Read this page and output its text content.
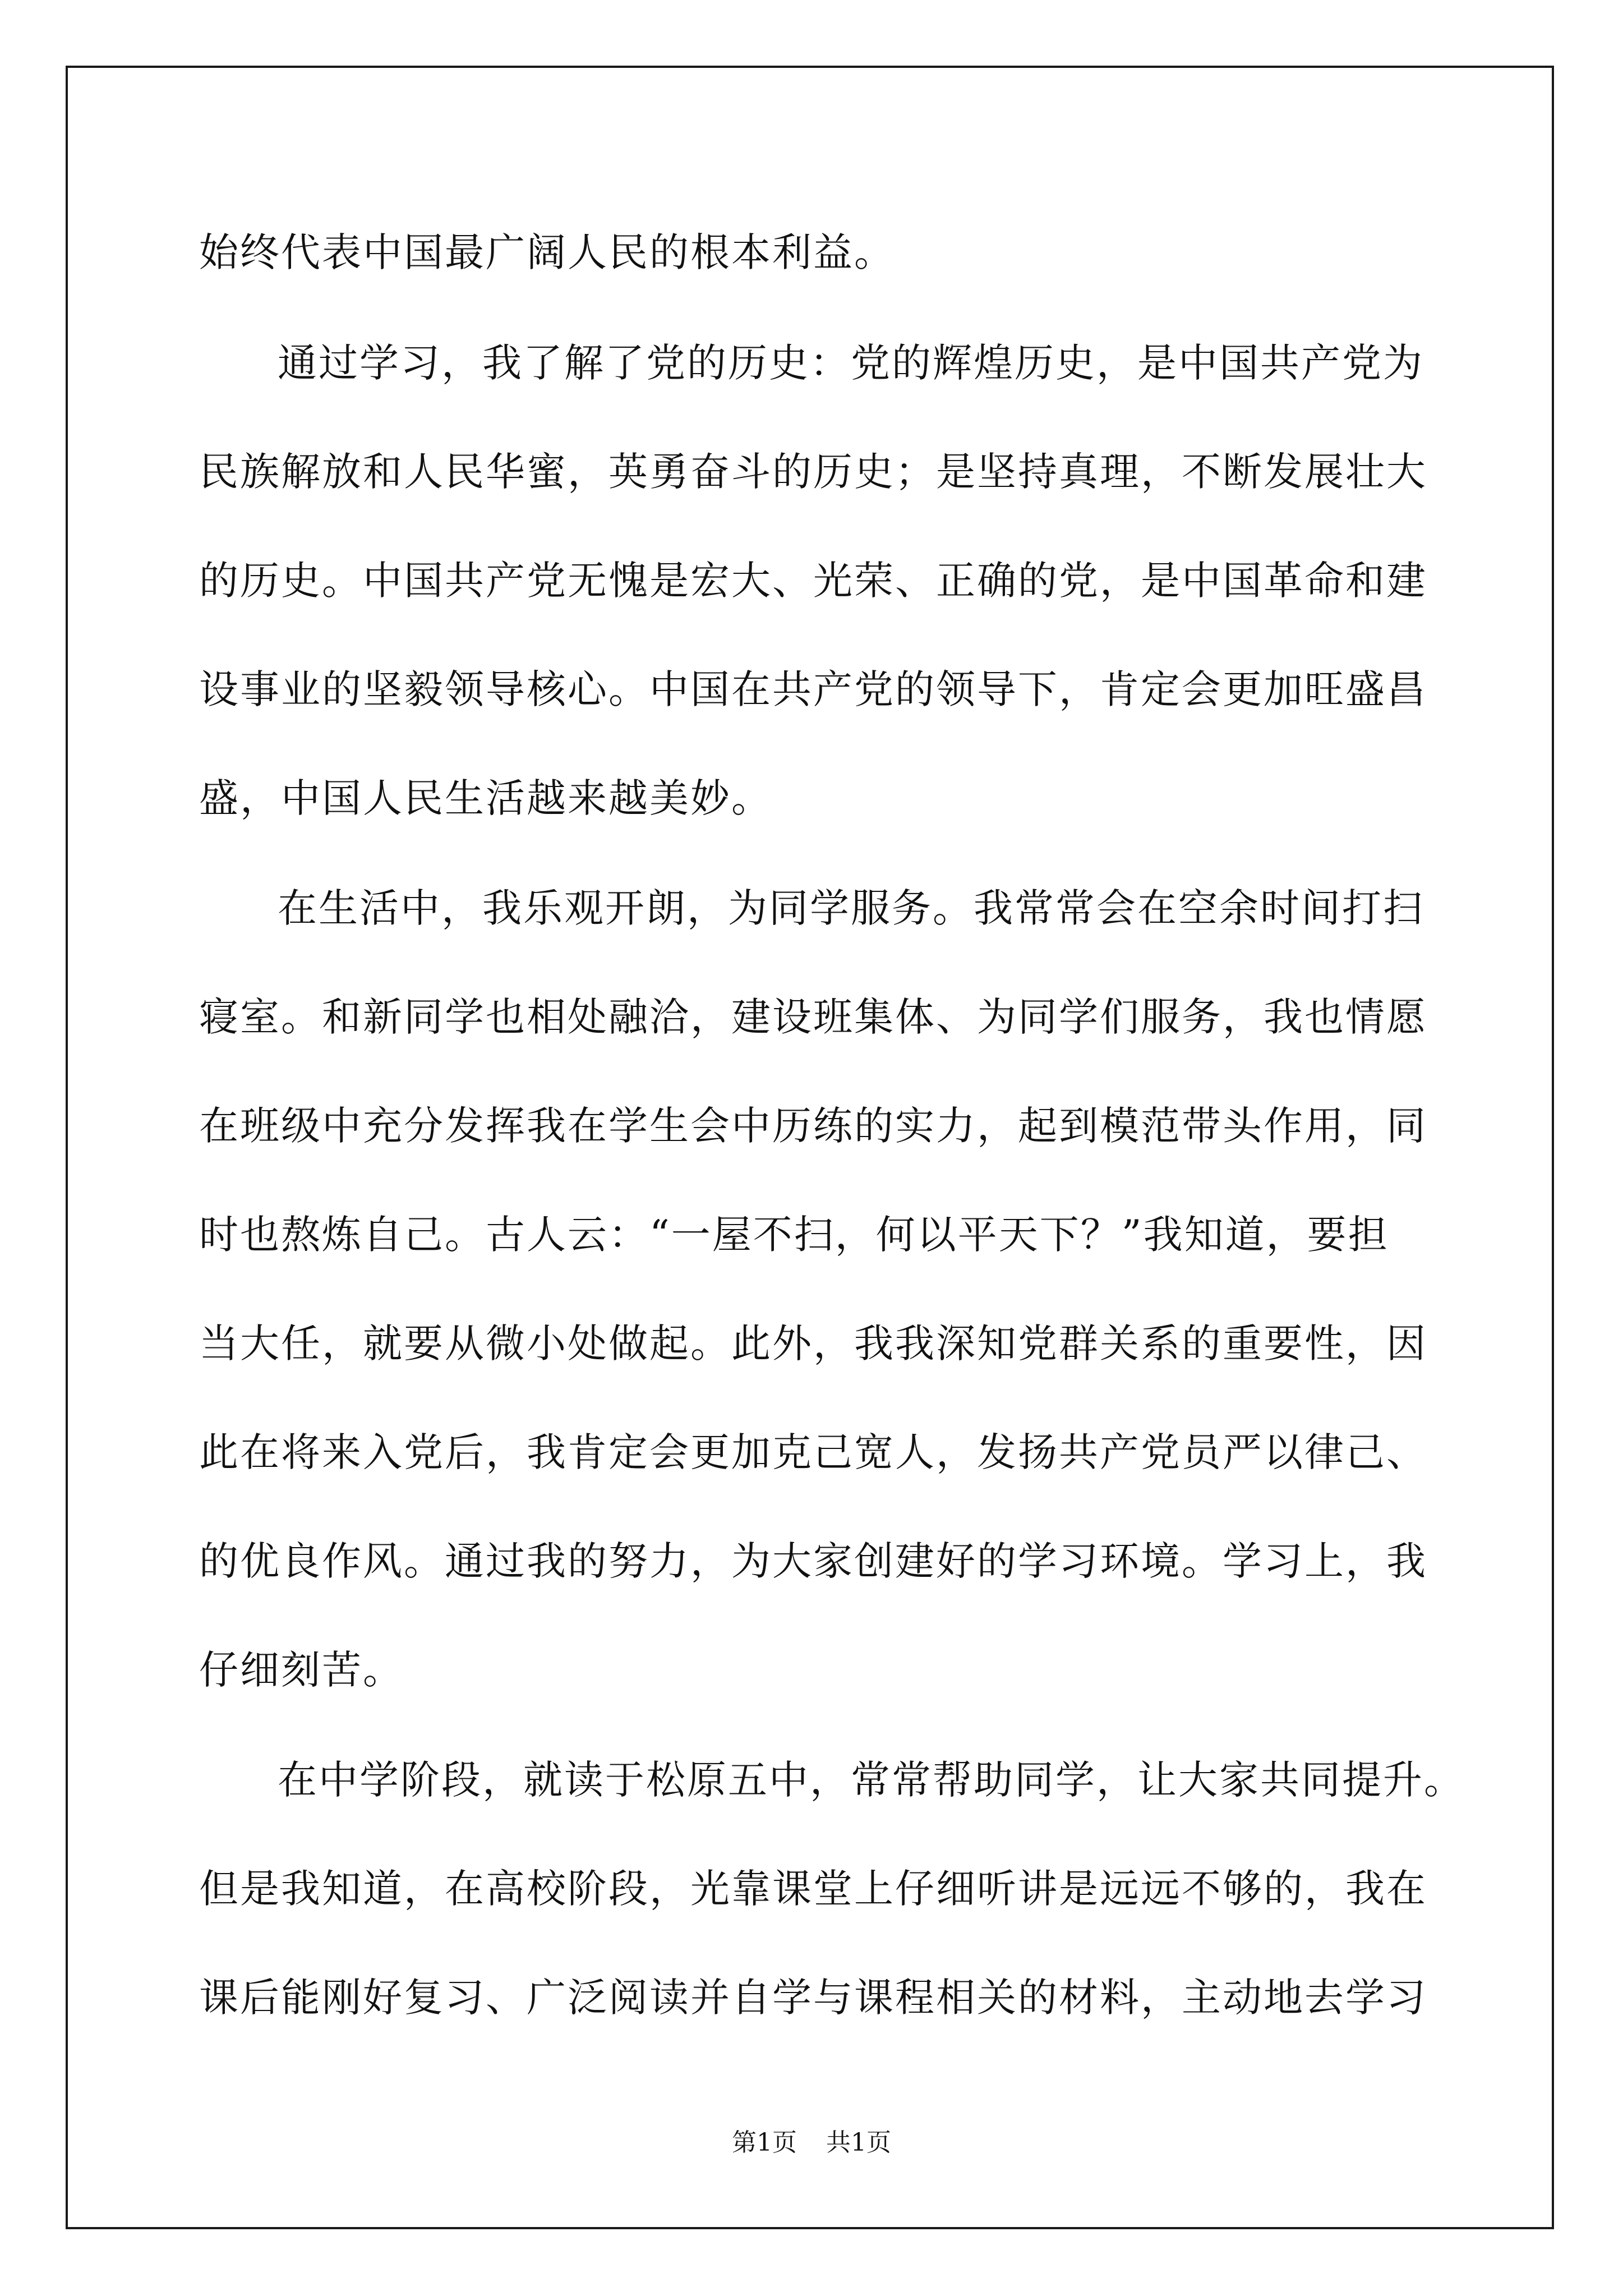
始终代表中国最广阔人民的根本利益。
通过学习，我了解了党的历史：党的辉煌历史，是中国共产党为
民族解放和人民华蜜，英勇奋斗的历史；是坚持真理，不断发展壮大
的历史。中国共产党无愧是宏大、光荣、正确的党，是中国革命和建
设事业的坚毅领导核心。中国在共产党的领导下，肯定会更加旺盛昌
盛，中国人民生活越来越美妙。
在生活中，我乐观开朗，为同学服务。我常常会在空余时间打扫
寝室。和新同学也相处融洽，建设班集体、为同学们服务，我也情愿
在班级中充分发挥我在学生会中历练的实力，起到模范带头作用，同
时也熬炼自己。古人云：“一屋不扫，何以平天下？”我知道，要担
当大任，就要从微小处做起。此外，我我深知党群关系的重要性，因
此在将来入党后，我肯定会更加克己宽人，发扬共产党员严以律己、
的优良作风。通过我的努力，为大家创建好的学习环境。学习上，我
仔细刻苦。
在中学阶段，就读于松原五中，常常帮助同学，让大家共同提升。
但是我知道，在高校阶段，光靠课堂上仔细听讲是远远不够的，我在
课后能刚好复习、广泛阅读并自学与课程相关的材料，主动地去学习
第1页 共1页
